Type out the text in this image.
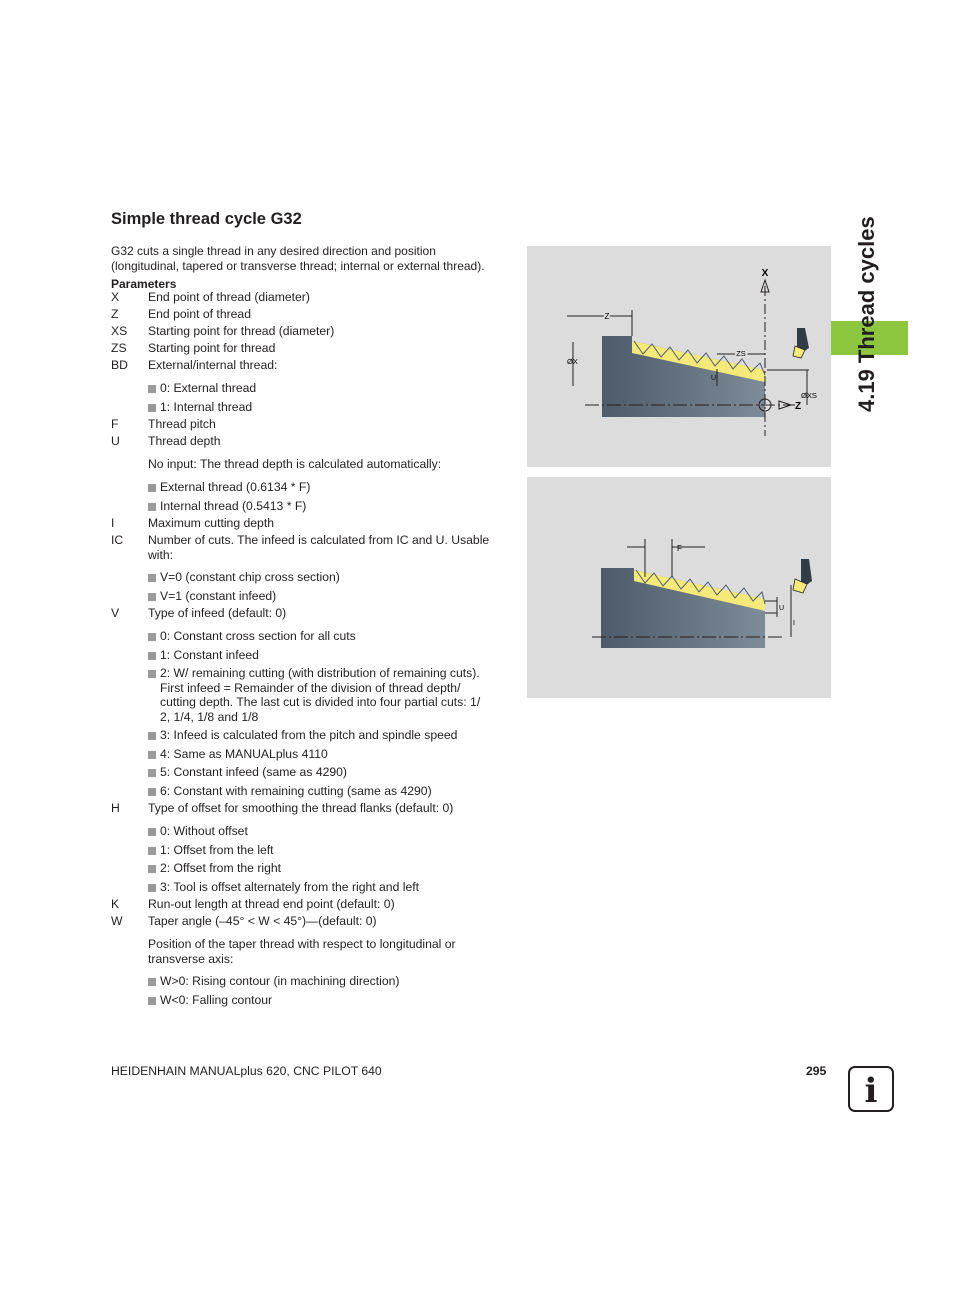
Simple thread cycle G32
G32 cuts a single thread in any desired direction and position
(longitudinal, tapered or transverse thread; internal or external thread).
Parameters
X	End point of thread (diameter)
Z	End point of thread
XS	Starting point for thread (diameter)
ZS	Starting point for thread
BD	External/internal thread:
0: External thread
1: Internal thread
F	Thread pitch
U	Thread depth
No input: The thread depth is calculated automatically:
External thread (0.6134 * F)
Internal thread (0.5413 * F)
I	Maximum cutting depth
IC	Number of cuts. The infeed is calculated from IC and U. Usable
with:
V=0 (constant chip cross section)
V=1 (constant infeed)
V	Type of infeed (default: 0)
0: Constant cross section for all cuts
1: Constant infeed
2: W/ remaining cutting (with distribution of remaining cuts).
First infeed = Remainder of the division of thread depth/
cutting depth. The last cut is divided into four partial cuts: 1/
2, 1/4, 1/8 and 1/8
3: Infeed is calculated from the pitch and spindle speed
4: Same as MANUALplus 4110
5: Constant infeed (same as 4290)
6: Constant with remaining cutting (same as 4290)
H	Type of offset for smoothing the thread flanks (default: 0)
0: Without offset
1: Offset from the left
2: Offset from the right
3: Tool is offset alternately from the right and left
K	Run-out length at thread end point (default: 0)
W	Taper angle (–45° < W < 45°)—(default: 0)
Position of the taper thread with respect to longitudinal or
transverse axis:
W>0: Rising contour (in machining direction)
W<0: Falling contour
X
Z
Z
ØX
ZS
U
ØXS
F
U
I
4.19 Thread cycles
HEIDENHAIN MANUALplus 620, CNC PILOT 640	295 i
